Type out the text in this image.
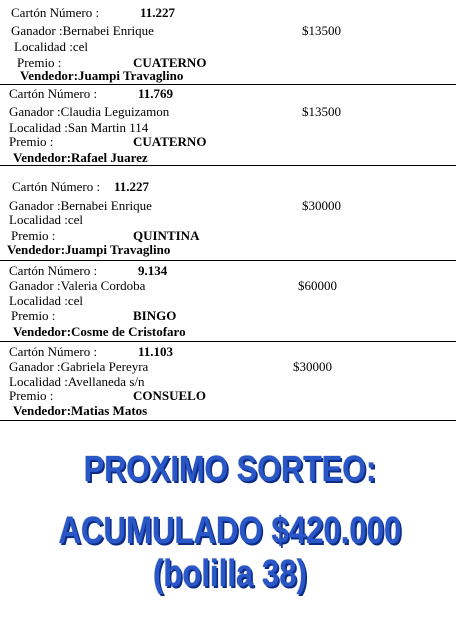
Cartón Número :	11.227
Ganador :Bernabei Enrique	$13500
Localidad :cel
Premio :	CUATERNO
Vendedor:Juampi Travaglino
Cartón Número :	11.769
Ganador :Claudia Leguizamon	$13500
Localidad :San Martin 114
Premio :	CUATERNO
Vendedor:Rafael Juarez
Cartón Número : 11.227
Ganador :Bernabei Enrique	$30000
Localidad :cel
Premio :	QUINTINA
Vendedor:Juampi Travaglino
Cartón Número :	9.134
Ganador :Valeria Cordoba	$60000
Localidad :cel
Premio :	BINGO
Vendedor:Cosme de Cristofaro
Cartón Número :	11.103
Ganador :Gabriela Pereyra	$30000
Localidad :Avellaneda s/n
Premio :	CONSUELO
Vendedor:Matias Matos
PROXIMO SORTEO:
ACUMULADO $420.000 (bolilla 38)
